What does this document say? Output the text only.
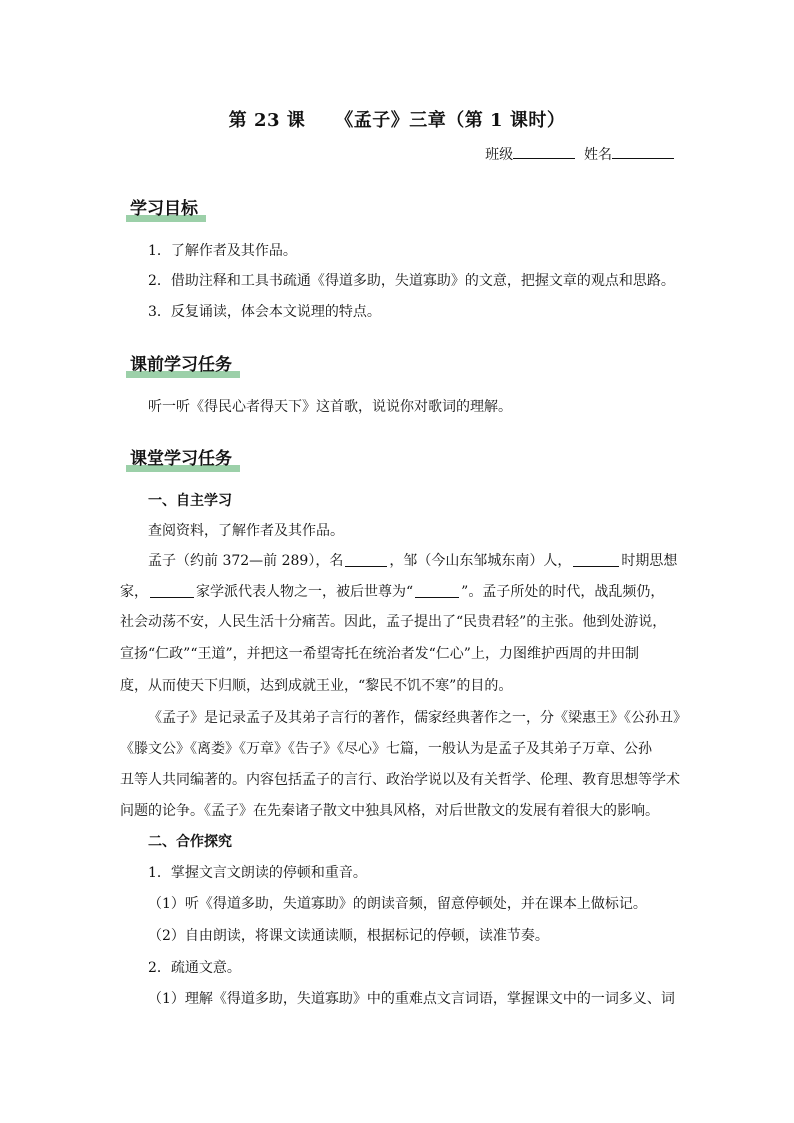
第 23 课 《孟子》三章（第 1 课时）
班级	姓名
学习目标
1．了解作者及其作品。
2．借助注释和工具书疏通《得道多助，失道寡助》的文意，把握文章的观点和思路。
3．反复诵读，体会本文说理的特点。
课前学习任务
听一听《得民心者得天下》这首歌，说说你对歌词的理解。
课堂学习任务
一、自主学习
查阅资料，了解作者及其作品。
孟子（约前 372—前 289），名	，邹（今山东邹城东南）人，	时期思想
家，	家学派代表人物之一，被后世尊为“	”。孟子所处的时代，战乱频仍，
社会动荡不安，人民生活十分痛苦。因此，孟子提出了“民贵君轻”的主张。他到处游说，
宣扬“仁政”“王道”，并把这一希望寄托在统治者发“仁心”上，力图维护西周的井田制
度，从而使天下归顺，达到成就王业，“黎民不饥不寒”的目的。
《孟子》是记录孟子及其弟子言行的著作，儒家经典著作之一，分《梁惠王》《公孙丑》
《滕文公》《离娄》《万章》《告子》《尽心》七篇，一般认为是孟子及其弟子万章、公孙
丑等人共同编著的。内容包括孟子的言行、政治学说以及有关哲学、伦理、教育思想等学术
问题的论争。《孟子》在先秦诸子散文中独具风格，对后世散文的发展有着很大的影响。
二、合作探究
1．掌握文言文朗读的停顿和重音。
（1）听《得道多助，失道寡助》的朗读音频，留意停顿处，并在课本上做标记。
（2）自由朗读，将课文读通读顺，根据标记的停顿，读准节奏。
2．疏通文意。
（1）理解《得道多助，失道寡助》中的重难点文言词语，掌握课文中的一词多义、词
